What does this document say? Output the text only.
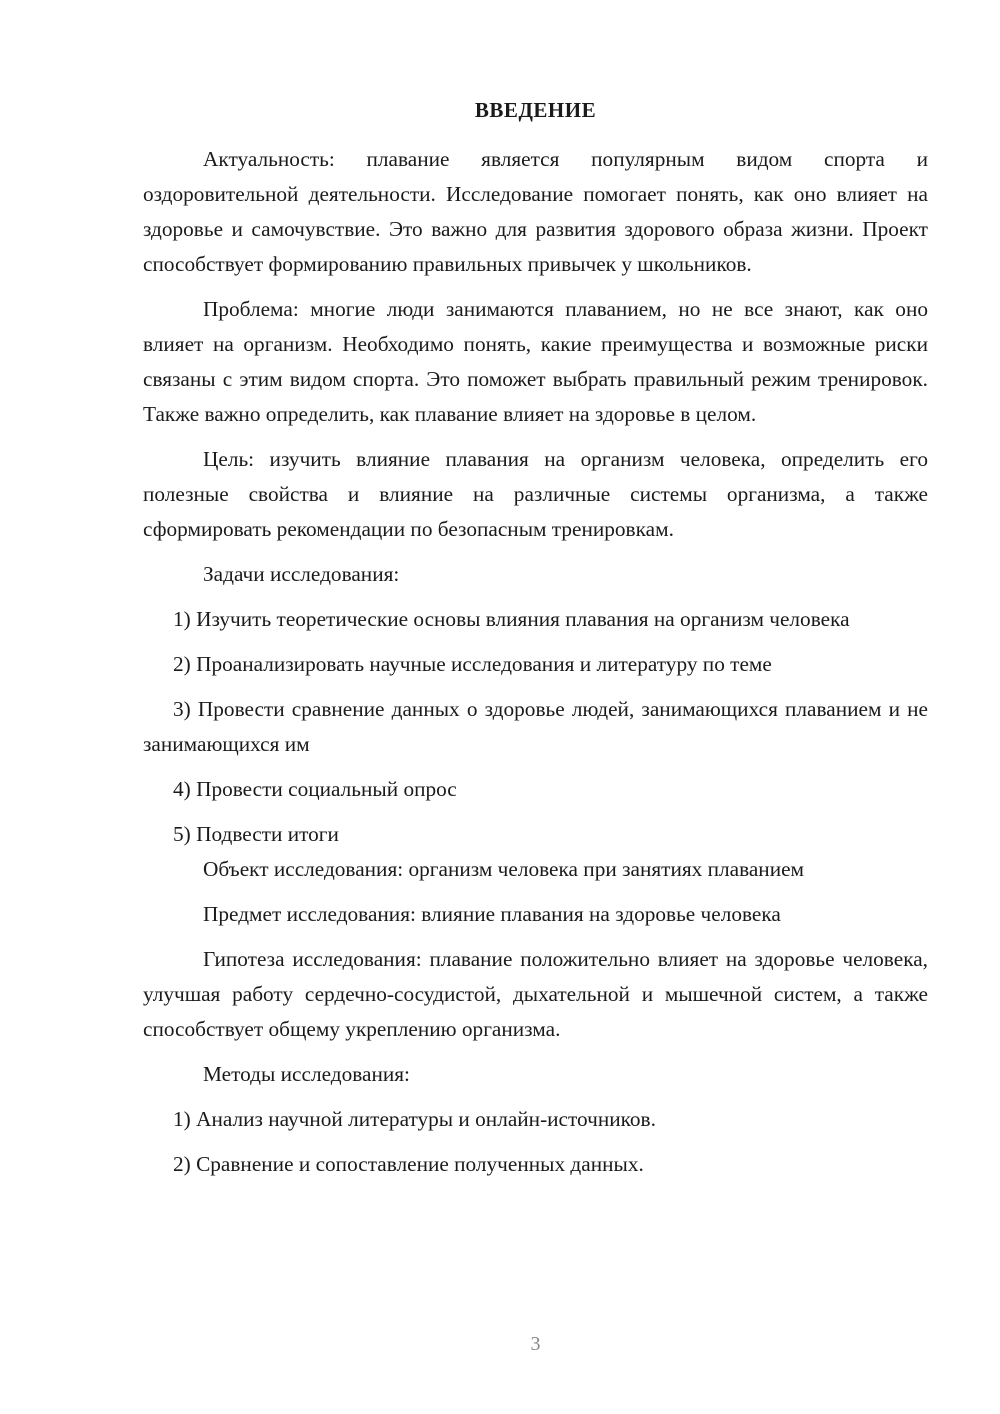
ВВЕДЕНИЕ

Актуальность: плавание является популярным видом спорта и оздоровительной деятельности. Исследование помогает понять, как оно влияет на здоровье и самочувствие. Это важно для развития здорового образа жизни. Проект способствует формированию правильных привычек у школьников.

Проблема: многие люди занимаются плаванием, но не все знают, как оно влияет на организм. Необходимо понять, какие преимущества и возможные риски связаны с этим видом спорта. Это поможет выбрать правильный режим тренировок. Также важно определить, как плавание влияет на здоровье в целом.

Цель: изучить влияние плавания на организм человека, определить его полезные свойства и влияние на различные системы организма, а также сформировать рекомендации по безопасным тренировкам.

Задачи исследования:

1) Изучить теоретические основы влияния плавания на организм человека

2) Проанализировать научные исследования и литературу по теме

3) Провести сравнение данных о здоровье людей, занимающихся плаванием и не занимающихся им

4) Провести социальный опрос

5) Подвести итоги

Объект исследования: организм человека при занятиях плаванием

Предмет исследования: влияние плавания на здоровье человека

Гипотеза исследования: плавание положительно влияет на здоровье человека, улучшая работу сердечно-сосудистой, дыхательной и мышечной систем, а также способствует общему укреплению организма.

Методы исследования:

1) Анализ научной литературы и онлайн-источников.

2) Сравнение и сопоставление полученных данных.

3
